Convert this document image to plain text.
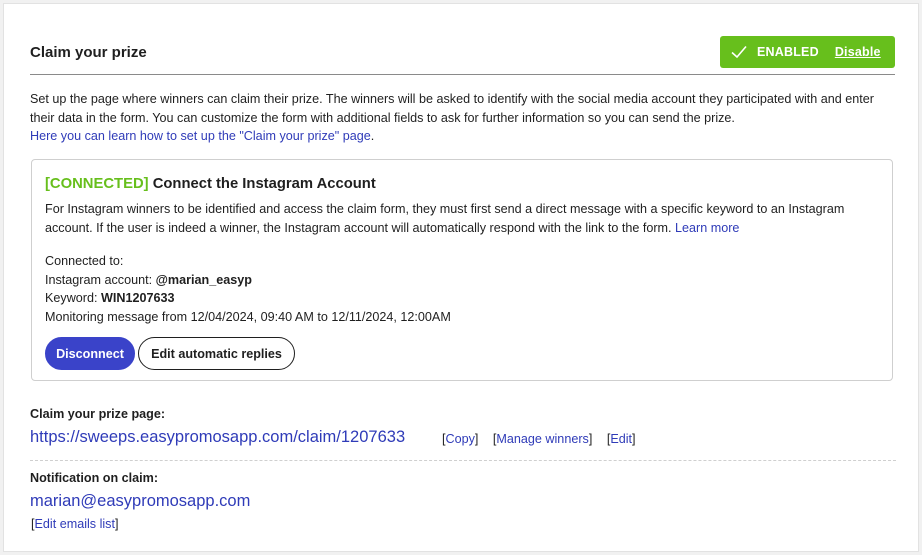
Claim your prize	ENABLED Disable
Set up the page where winners can claim their prize. The winners will be asked to identify with the social media account they participated with and enter their data in the form. You can customize the form with additional fields to ask for further information so you can send the prize.
Here you can learn how to set up the "Claim your prize" page.
[CONNECTED] Connect the Instagram Account
For Instagram winners to be identified and access the claim form, they must first send a direct message with a specific keyword to an Instagram account. If the user is indeed a winner, the Instagram account will automatically respond with the link to the form. Learn more
Connected to:
Instagram account: @marian_easyp
Keyword: WIN1207633
Monitoring message from 12/04/2024, 09:40 AM to 12/11/2024, 12:00AM
Disconnect	Edit automatic replies
Claim your prize page:
https://sweeps.easypromosapp.com/claim/1207633	[Copy] [Manage winners] [Edit]
Notification on claim:
marian@easypromosapp.com
[Edit emails list]
